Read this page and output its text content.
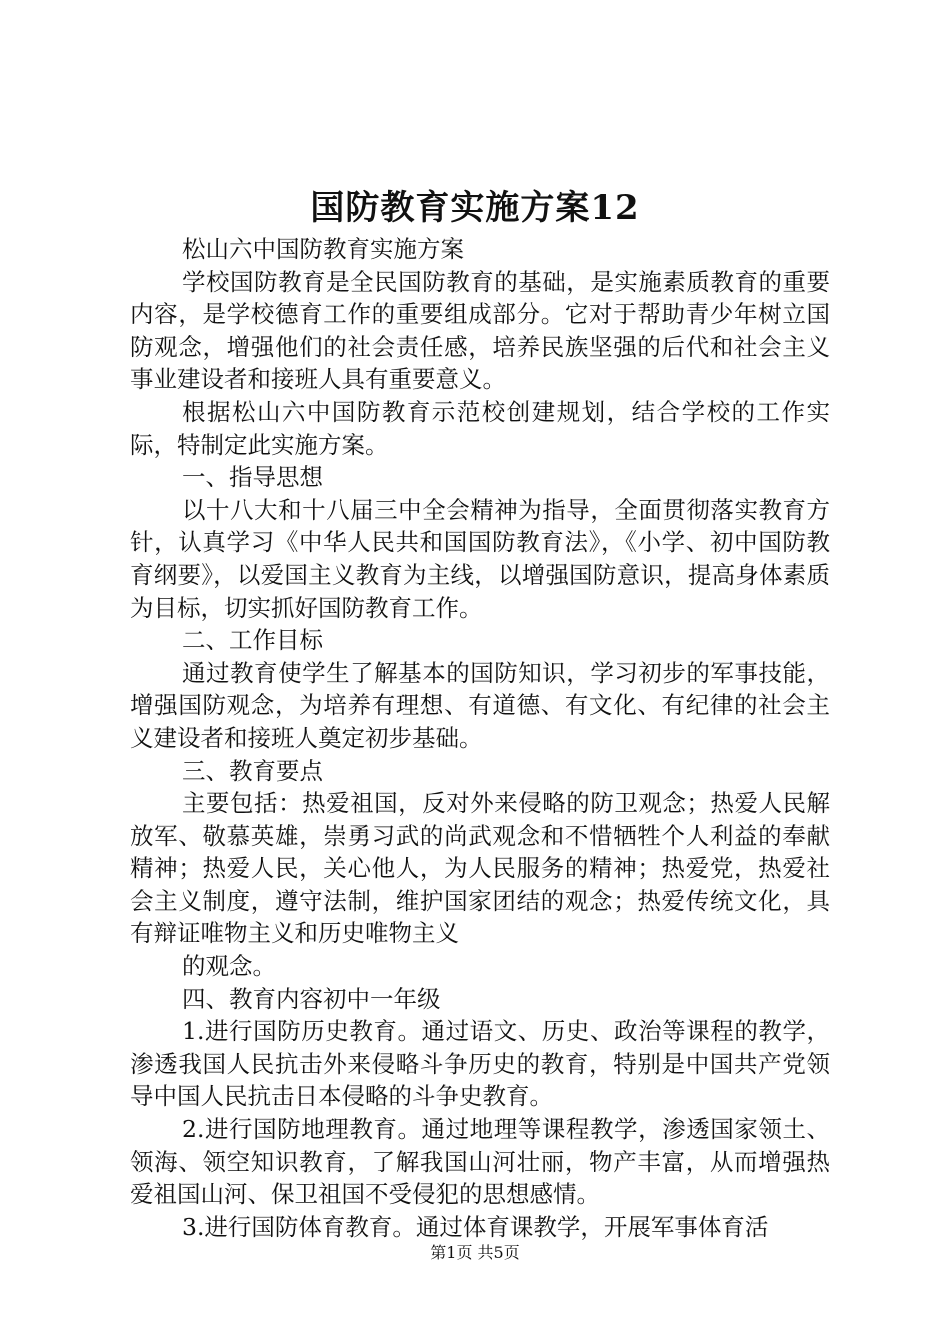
国防教育实施方案12

松山六中国防教育实施方案

学校国防教育是全民国防教育的基础，是实施素质教育的重要内容，是学校德育工作的重要组成部分。它对于帮助青少年树立国防观念，增强他们的社会责任感，培养民族坚强的后代和社会主义事业建设者和接班人具有重要意义。

根据松山六中国防教育示范校创建规划，结合学校的工作实际，特制定此实施方案。

一、指导思想

以十八大和十八届三中全会精神为指导，全面贯彻落实教育方针，认真学习《中华人民共和国国防教育法》，《小学、初中国防教育纲要》，以爱国主义教育为主线，以增强国防意识，提高身体素质为目标，切实抓好国防教育工作。

二、工作目标

通过教育使学生了解基本的国防知识，学习初步的军事技能，增强国防观念，为培养有理想、有道德、有文化、有纪律的社会主义建设者和接班人奠定初步基础。

三、教育要点

主要包括：热爱祖国，反对外来侵略的防卫观念；热爱人民解放军、敬慕英雄，崇勇习武的尚武观念和不惜牺牲个人利益的奉献精神；热爱人民，关心他人，为人民服务的精神；热爱党，热爱社会主义制度，遵守法制，维护国家团结的观念；热爱传统文化，具有辩证唯物主义和历史唯物主义

的观念。

四、教育内容初中一年级

1.进行国防历史教育。通过语文、历史、政治等课程的教学，渗透我国人民抗击外来侵略斗争历史的教育，特别是中国共产党领导中国人民抗击日本侵略的斗争史教育。

2.进行国防地理教育。通过地理等课程教学，渗透国家领土、领海、领空知识教育，了解我国山河壮丽，物产丰富，从而增强热爱祖国山河、保卫祖国不受侵犯的思想感情。

3.进行国防体育教育。通过体育课教学，开展军事体育活

第1页 共5页
